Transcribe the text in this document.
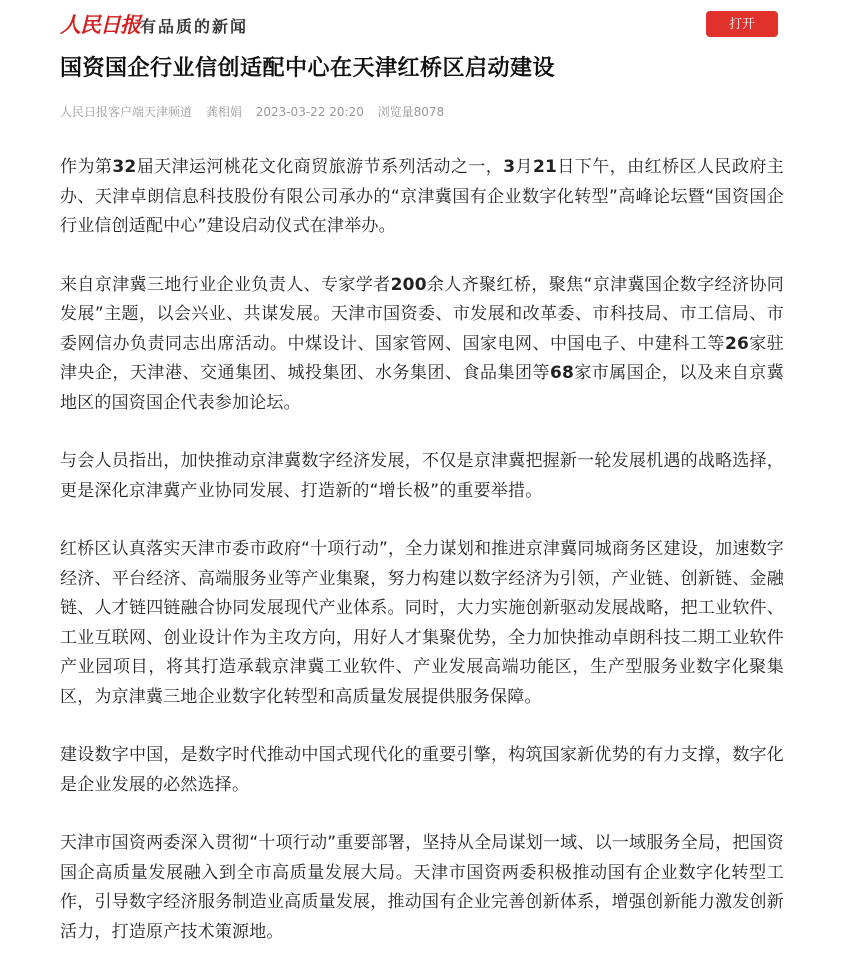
人民日报 有品质的新闻	打开
国资国企行业信创适配中心在天津红桥区启动建设
人民日报客户端天津频道 龚相娟 2023-03-22 20:20 浏览量8078

作为第32届天津运河桃花文化商贸旅游节系列活动之一，3月21日下午，由红桥区人民政府主办、天津卓朗信息科技股份有限公司承办的“京津冀国有企业数字化转型”高峰论坛暨“国资国企行业信创适配中心”建设启动仪式在津举办。

来自京津冀三地行业企业负责人、专家学者200余人齐聚红桥，聚焦“京津冀国企数字经济协同发展”主题，以会兴业、共谋发展。天津市国资委、市发展和改革委、市科技局、市工信局、市委网信办负责同志出席活动。中煤设计、国家管网、国家电网、中国电子、中建科工等26家驻津央企，天津港、交通集团、城投集团、水务集团、食品集团等68家市属国企，以及来自京冀地区的国资国企代表参加论坛。

与会人员指出，加快推动京津冀数字经济发展，不仅是京津冀把握新一轮发展机遇的战略选择，更是深化京津冀产业协同发展、打造新的“增长极”的重要举措。

红桥区认真落实天津市委市政府“十项行动”，全力谋划和推进京津冀同城商务区建设，加速数字经济、平台经济、高端服务业等产业集聚，努力构建以数字经济为引领，产业链、创新链、金融链、人才链四链融合协同发展现代产业体系。同时，大力实施创新驱动发展战略，把工业软件、工业互联网、创业设计作为主攻方向，用好人才集聚优势，全力加快推动卓朗科技二期工业软件产业园项目，将其打造承载京津冀工业软件、产业发展高端功能区，生产型服务业数字化聚集区，为京津冀三地企业数字化转型和高质量发展提供服务保障。

建设数字中国，是数字时代推动中国式现代化的重要引擎，构筑国家新优势的有力支撑，数字化是企业发展的必然选择。

天津市国资两委深入贯彻“十项行动”重要部署，坚持从全局谋划一域、以一域服务全局，把国资国企高质量发展融入到全市高质量发展大局。天津市国资两委积极推动国有企业数字化转型工作，引导数字经济服务制造业高质量发展，推动国有企业完善创新体系，增强创新能力激发创新活力，打造原产技术策源地。
